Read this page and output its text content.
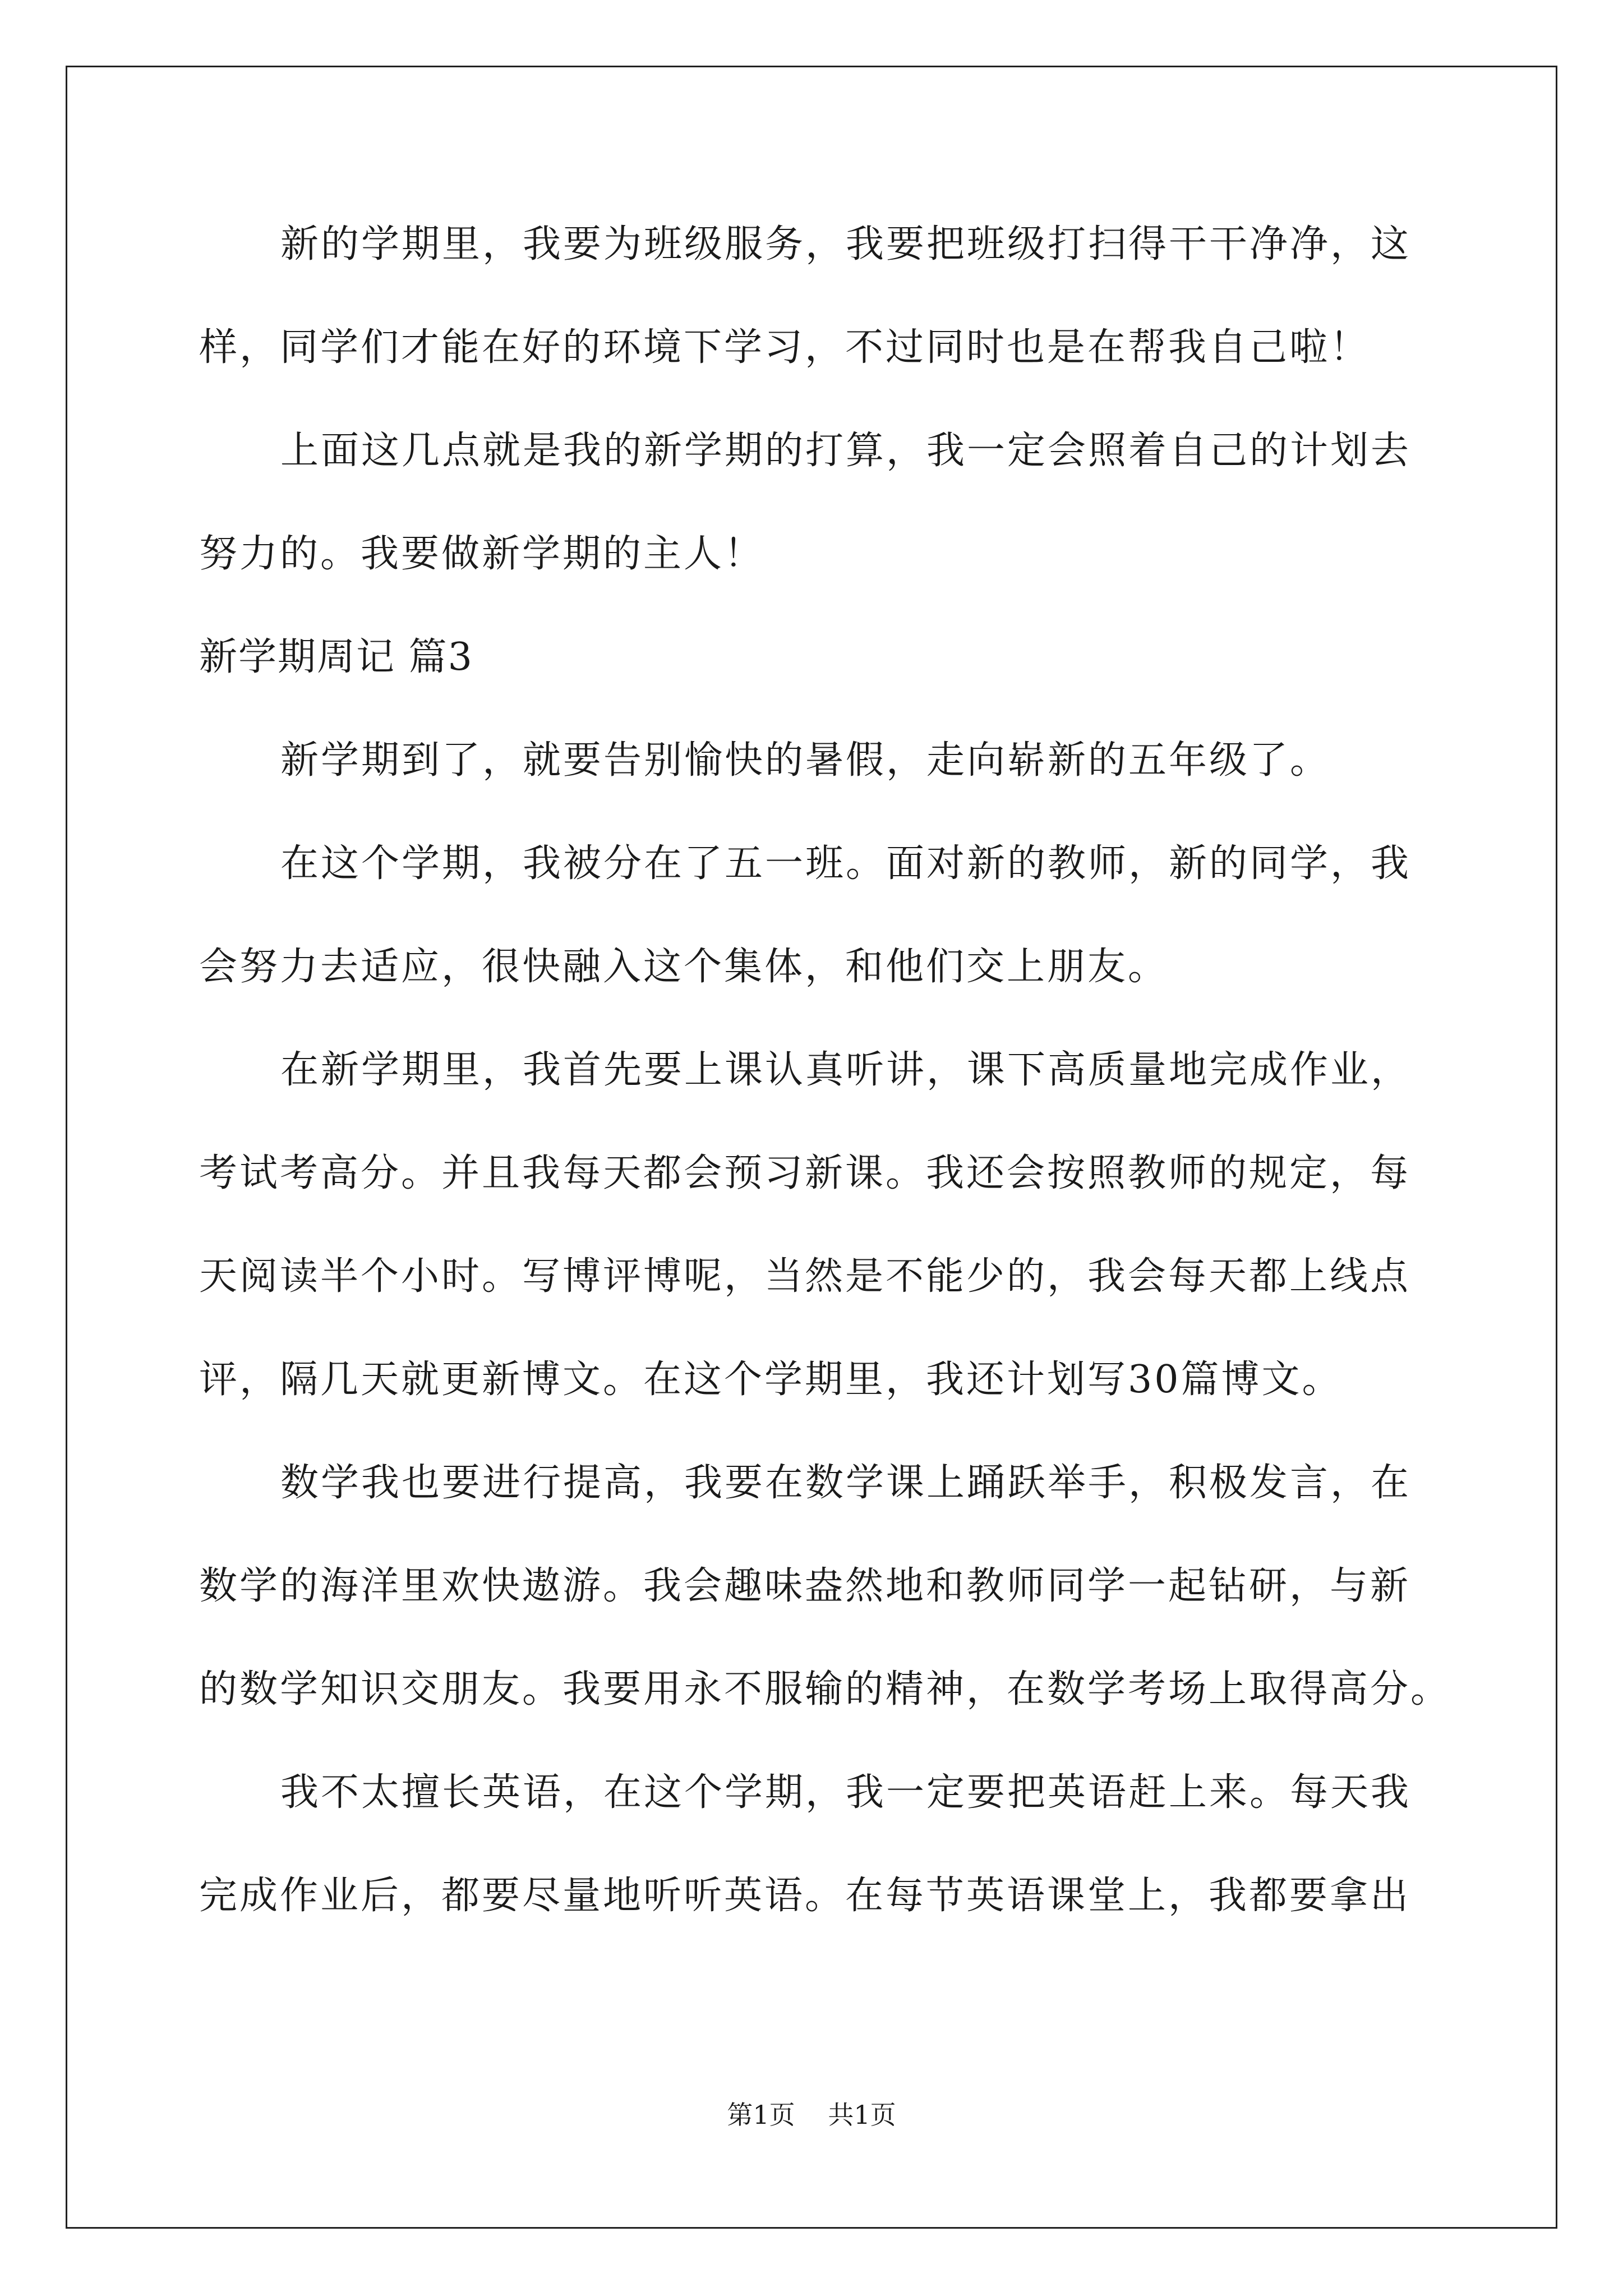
新的学期里，我要为班级服务，我要把班级打扫得干干净净，这

样，同学们才能在好的环境下学习，不过同时也是在帮我自己啦！

上面这几点就是我的新学期的打算，我一定会照着自己的计划去

努力的。我要做新学期的主人！

新学期周记 篇3

新学期到了，就要告别愉快的暑假，走向崭新的五年级了。

在这个学期，我被分在了五一班。面对新的教师，新的同学，我

会努力去适应，很快融入这个集体，和他们交上朋友。

在新学期里，我首先要上课认真听讲，课下高质量地完成作业，

考试考高分。并且我每天都会预习新课。我还会按照教师的规定，每

天阅读半个小时。写博评博呢，当然是不能少的，我会每天都上线点

评，隔几天就更新博文。在这个学期里，我还计划写30篇博文。

数学我也要进行提高，我要在数学课上踊跃举手，积极发言，在

数学的海洋里欢快遨游。我会趣味盎然地和教师同学一起钻研，与新

的数学知识交朋友。我要用永不服输的精神，在数学考场上取得高分。

我不太擅长英语，在这个学期，我一定要把英语赶上来。每天我

完成作业后，都要尽量地听听英语。在每节英语课堂上，我都要拿出

第1页 共1页
